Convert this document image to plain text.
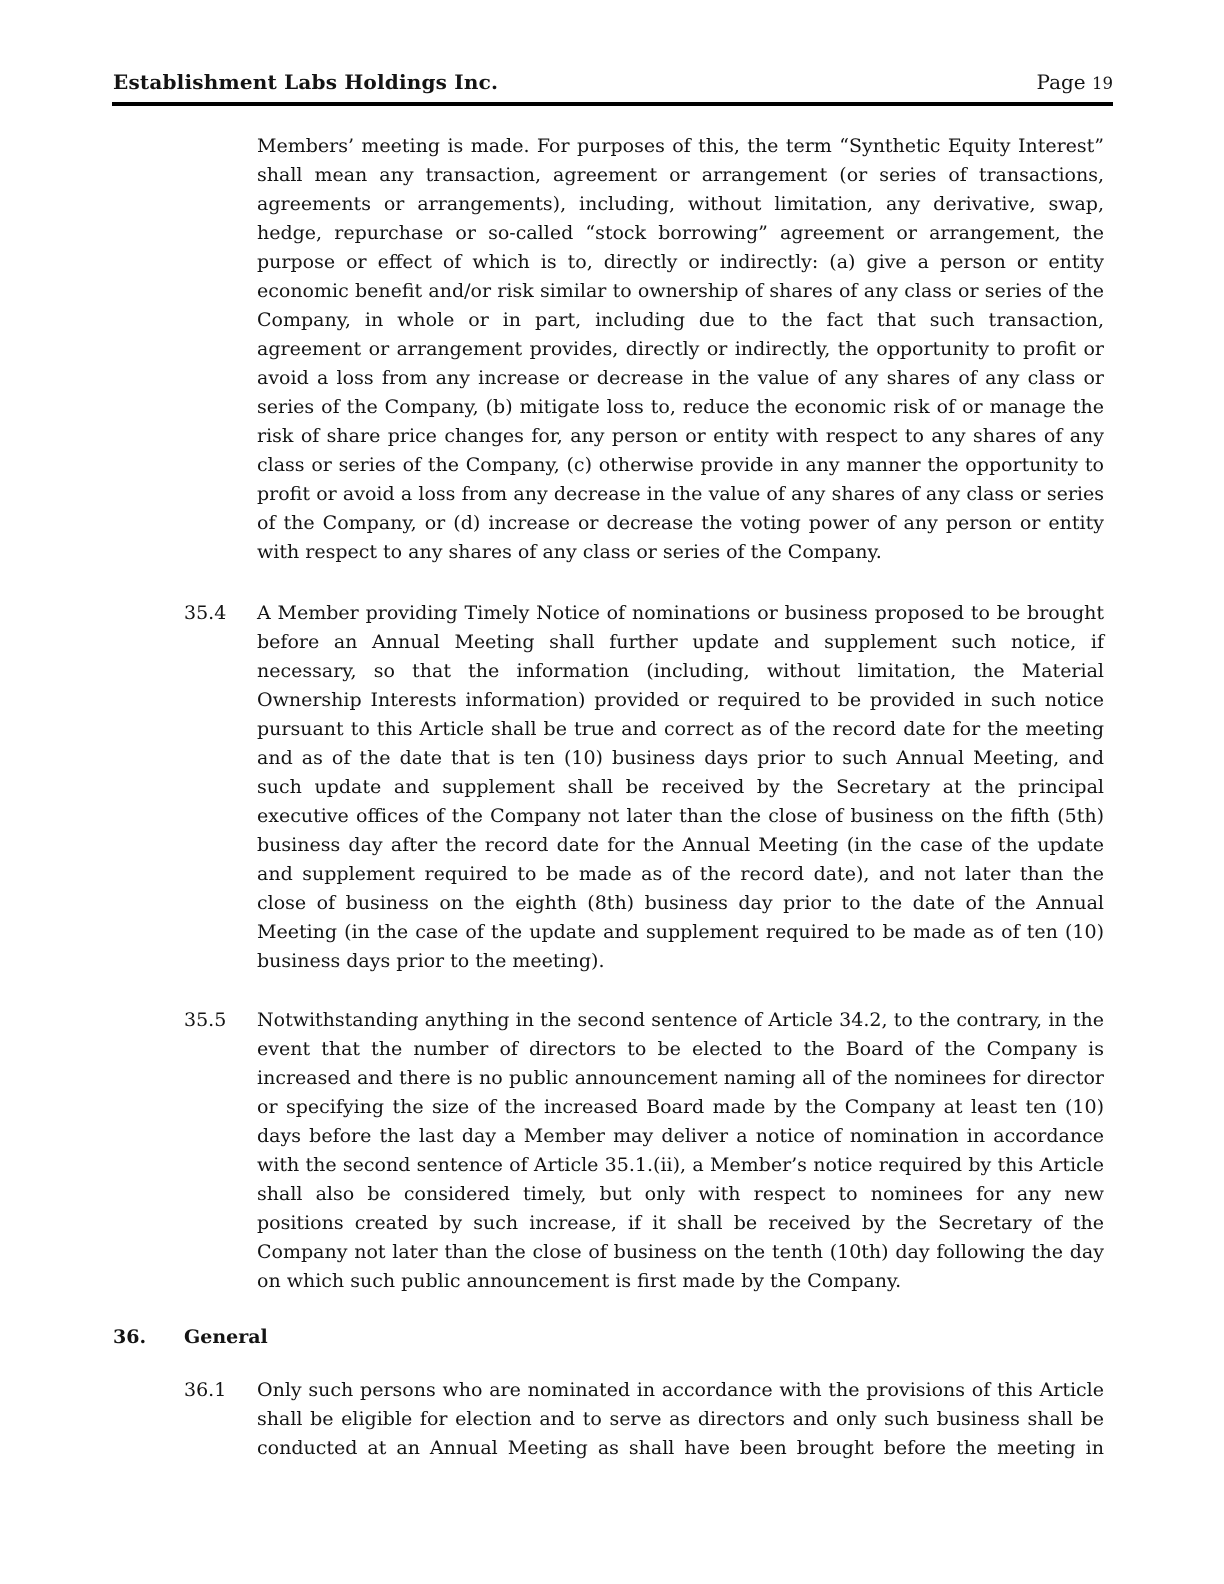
Establishment Labs Holdings Inc.	Page 19

Members’ meeting is made. For purposes of this, the term “Synthetic Equity Interest” shall mean any transaction, agreement or arrangement (or series of transactions, agreements or arrangements), including, without limitation, any derivative, swap, hedge, repurchase or so-called “stock borrowing” agreement or arrangement, the purpose or effect of which is to, directly or indirectly: (a) give a person or entity economic benefit and/or risk similar to ownership of shares of any class or series of the Company, in whole or in part, including due to the fact that such transaction, agreement or arrangement provides, directly or indirectly, the opportunity to profit or avoid a loss from any increase or decrease in the value of any shares of any class or series of the Company, (b) mitigate loss to, reduce the economic risk of or manage the risk of share price changes for, any person or entity with respect to any shares of any class or series of the Company, (c) otherwise provide in any manner the opportunity to profit or avoid a loss from any decrease in the value of any shares of any class or series of the Company, or (d) increase or decrease the voting power of any person or entity with respect to any shares of any class or series of the Company.

35.4	A Member providing Timely Notice of nominations or business proposed to be brought before an Annual Meeting shall further update and supplement such notice, if necessary, so that the information (including, without limitation, the Material Ownership Interests information) provided or required to be provided in such notice pursuant to this Article shall be true and correct as of the record date for the meeting and as of the date that is ten (10) business days prior to such Annual Meeting, and such update and supplement shall be received by the Secretary at the principal executive offices of the Company not later than the close of business on the fifth (5th) business day after the record date for the Annual Meeting (in the case of the update and supplement required to be made as of the record date), and not later than the close of business on the eighth (8th) business day prior to the date of the Annual Meeting (in the case of the update and supplement required to be made as of ten (10) business days prior to the meeting).

35.5	Notwithstanding anything in the second sentence of Article 34.2, to the contrary, in the event that the number of directors to be elected to the Board of the Company is increased and there is no public announcement naming all of the nominees for director or specifying the size of the increased Board made by the Company at least ten (10) days before the last day a Member may deliver a notice of nomination in accordance with the second sentence of Article 35.1.(ii), a Member’s notice required by this Article shall also be considered timely, but only with respect to nominees for any new positions created by such increase, if it shall be received by the Secretary of the Company not later than the close of business on the tenth (10th) day following the day on which such public announcement is first made by the Company.

36.	General
36.1	Only such persons who are nominated in accordance with the provisions of this Article shall be eligible for election and to serve as directors and only such business shall be conducted at an Annual Meeting as shall have been brought before the meeting in
